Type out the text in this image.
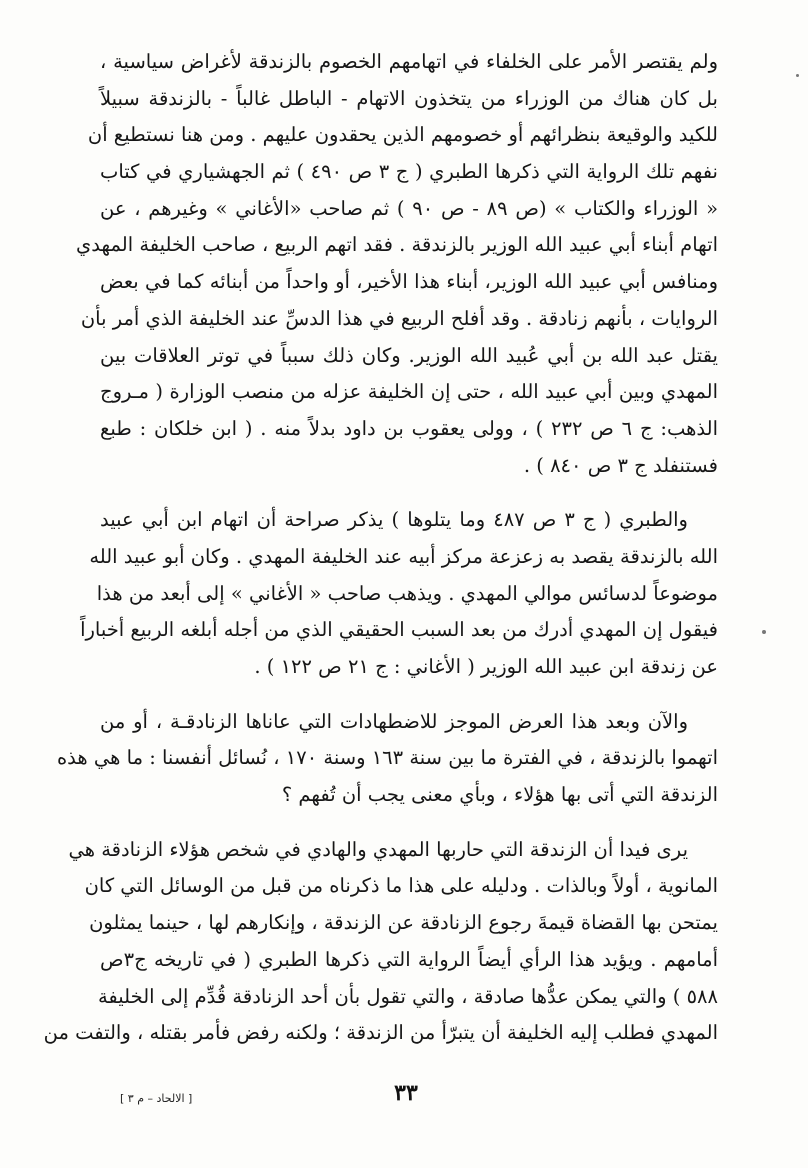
ولم يقتصر الأمر على الخلفاء في اتهامهم الخصوم بالزندقة لأغراض سياسية ،
بل كان هناك من الوزراء من يتخذون الاتهام - الباطل غالباً - بالزندقة سبيلاً
للكيد والوقيعة بنظرائهم أو خصومهم الذين يحقدون عليهم . ومن هنا نستطيع أن
نفهم تلك الرواية التي ذكرها الطبري ( ج ٣ ص ٤٩٠ ) ثم الجهشياري في كتاب
« الوزراء والكتاب » (ص ٨٩ - ص ٩٠ ) ثم صاحب «الأغاني » وغيرهم ، عن
اتهام أبناء أبي عبيد الله الوزير بالزندقة . فقد اتهم الربيع ، صاحب الخليفة المهدي
ومنافس أبي عبيد الله الوزير، أبناء هذا الأخير، أو واحداً من أبنائه كما في بعض
الروايات ، بأنهم زنادقة . وقد أفلح الربيع في هذا الدسِّ عند الخليفة الذي أمر بأن
يقتل عبد الله بن أبي عُبيد الله الوزير. وكان ذلك سبباً في توتر العلاقات بين
المهدي وبين أبي عبيد الله ، حتى إن الخليفة عزله من منصب الوزارة ( مـروج
الذهب: ج ٦ ص ٢٣٢ ) ، وولى يعقوب بن داود بدلاً منه . ( ابن خلكان : طبع
فستنفلد ج ٣ ص ٨٤٠ ) .
والطبري ( ج ٣ ص ٤٨٧ وما يتلوها ) يذكر صراحة أن اتهام ابن أبي عبيد
الله بالزندقة يقصد به زعزعة مركز أبيه عند الخليفة المهدي . وكان أبو عبيد الله
موضوعاً لدسائس موالي المهدي . ويذهب صاحب « الأغاني » إلى أبعد من هذا
فيقول إن المهدي أدرك من بعد السبب الحقيقي الذي من أجله أبلغه الربيع أخباراً
عن زندقة ابن عبيد الله الوزير ( الأغاني : ج ٢١ ص ١٢٢ ) .
والآن وبعد هذا العرض الموجز للاضطهادات التي عاناها الزنادقـة ، أو من
اتهموا بالزندقة ، في الفترة ما بين سنة ١٦٣ وسنة ١٧٠ ، نُسائل أنفسنا : ما هي هذه
الزندقة التي أتى بها هؤلاء ، وبأي معنى يجب أن تُفهم ؟
يرى فيدا أن الزندقة التي حاربها المهدي والهادي في شخص هؤلاء الزنادقة هي
المانوية ، أولاً وبالذات . ودليله على هذا ما ذكرناه من قبل من الوسائل التي كان
يمتحن بها القضاة قيمةَ رجوع الزنادقة عن الزندقة ، وإنكارهم لها ، حينما يمثلون
أمامهم . ويؤيد هذا الرأي أيضاً الرواية التي ذكرها الطبري ( في تاريخه ج٣ص
٥٨٨ ) والتي يمكن عدُّها صادقة ، والتي تقول بأن أحد الزنادقة قُدِّم إلى الخليفة
المهدي فطلب إليه الخليفة أن يتبرّأ من الزندقة ؛ ولكنه رفض فأمر بقتله ، والتفت من
[ الالحاد – م ٣ ]	٣٣
